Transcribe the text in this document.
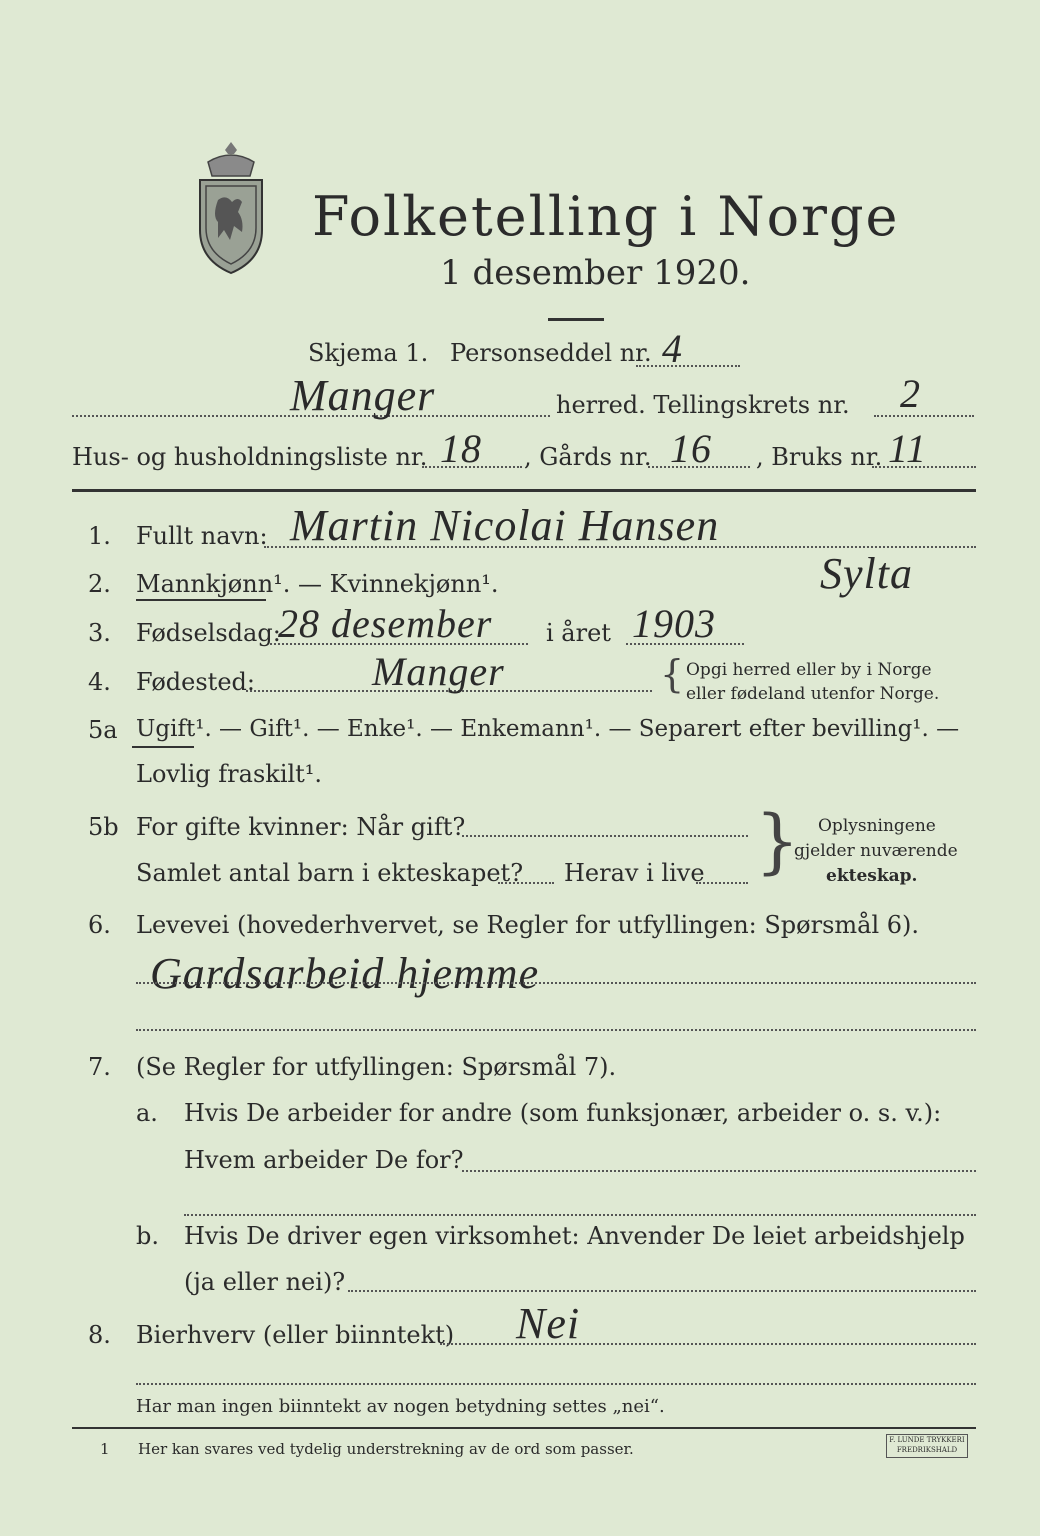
Folketelling i Norge
1 desember 1920.
Skjema 1. Personseddel nr. 4
Manger	herred. Tellingskrets nr. 2
Hus- og husholdningsliste nr. 18 , Gårds nr. 16 , Bruks nr. 11
1. Fullt navn: Martin Nicolai Hansen
2. Mannkjønn¹. — Kvinnekjønn¹.	Sylta
3. Fødselsdag:
28 desember i året 1903
4. Fødested:	Manger	{ Opgi herred eller by i Norge
eller fødeland utenfor Norge.
5a Ugift¹. — Gift¹. — Enke¹. — Enkemann¹. — Separert efter bevilling¹. —
Lovlig fraskilt¹.
5b For gifte kvinner: Når gift?
Samlet antal barn i ekteskapet? Herav i live } Oplysningene
gjelder nuværende
ekteskap.
6. Levevei (hovederhvervet, se Regler for utfyllingen: Spørsmål 6).
Gardsarbeid hjemme
7. (Se Regler for utfyllingen: Spørsmål 7).
a. Hvis De arbeider for andre (som funksjonær, arbeider o. s. v.):
Hvem arbeider De for?
b. Hvis De driver egen virksomhet: Anvender De leiet arbeidshjelp
(ja eller nei)?
8. Bierhverv (eller biinntekt) Nei
Har man ingen biinntekt av nogen betydning settes „nei“.
1 Her kan svares ved tydelig understrekning av de ord som passer.	F. LUNDE TRYKKERI FREDRIKSHALD
